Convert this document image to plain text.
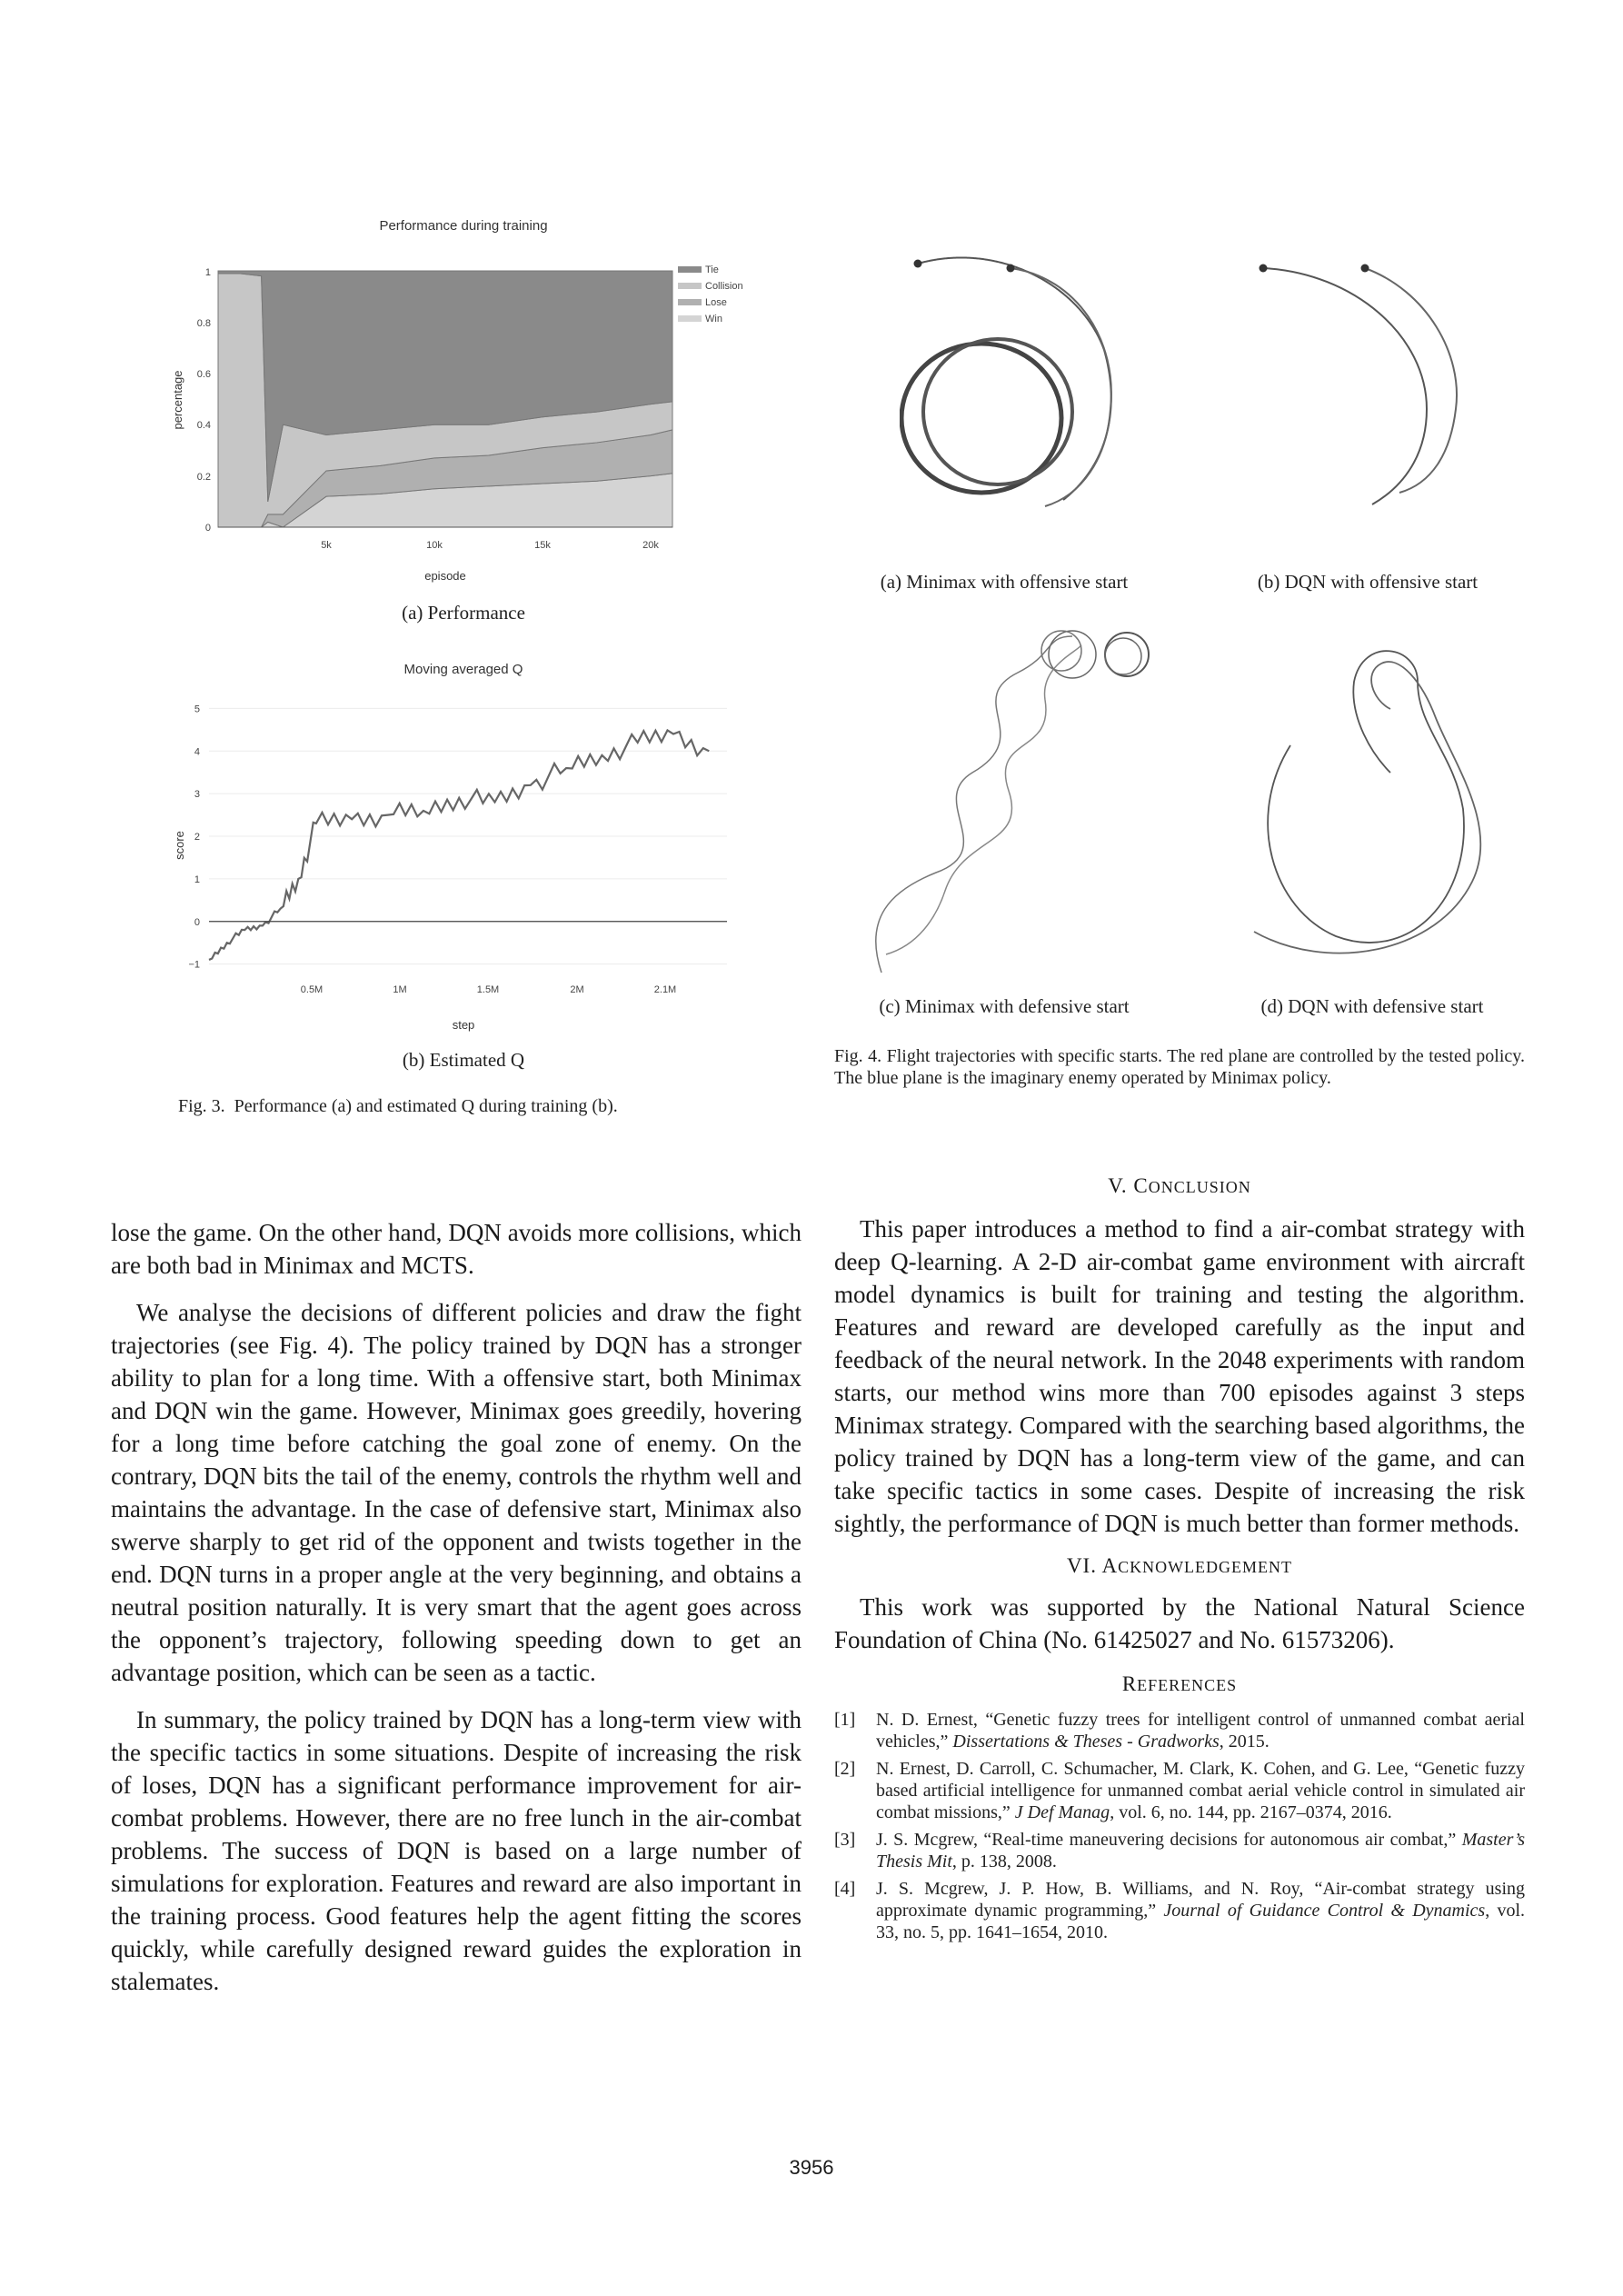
Performance during training
0
0.2
0.4
0.6
0.8
1
5k	10k	15k	20k
episode
percentage
Tie
Collision
Lose
Win
(a) Performance
Moving averaged Q
−1
0
1
2
3
4
5
0.5M	1M	1.5M	2M	2.1M
step
score
(b) Estimated Q
Fig. 3.  Performance (a) and estimated Q during training (b).
(a) Minimax with offensive start	(b) DQN with offensive start
(c) Minimax with defensive start	(d) DQN with defensive start
Fig. 4. Flight trajectories with specific starts. The red plane are controlled by the tested policy. The blue plane is the imaginary enemy operated by Minimax policy.

lose the game. On the other hand, DQN avoids more collisions, which are both bad in Minimax and MCTS.

We analyse the decisions of different policies and draw the fight trajectories (see Fig. 4). The policy trained by DQN has a stronger ability to plan for a long time. With a offensive start, both Minimax and DQN win the game. However, Minimax goes greedily, hovering for a long time before catching the goal zone of enemy. On the contrary, DQN bits the tail of the enemy, controls the rhythm well and maintains the advantage. In the case of defensive start, Minimax also swerve sharply to get rid of the opponent and twists together in the end. DQN turns in a proper angle at the very beginning, and obtains a neutral position naturally. It is very smart that the agent goes across the opponent’s trajectory, following speeding down to get an advantage position, which can be seen as a tactic.

In summary, the policy trained by DQN has a long-term view with the specific tactics in some situations. Despite of increasing the risk of loses, DQN has a significant performance improvement for air-combat problems. However, there are no free lunch in the air-combat problems. The success of DQN is based on a large number of simulations for exploration. Features and reward are also important in the training process. Good features help the agent fitting the scores quickly, while carefully designed reward guides the exploration in stalemates.

V. CONCLUSION

This paper introduces a method to find a air-combat strategy with deep Q-learning. A 2-D air-combat game environment with aircraft model dynamics is built for training and testing the algorithm. Features and reward are developed carefully as the input and feedback of the neural network. In the 2048 experiments with random starts, our method wins more than 700 episodes against 3 steps Minimax strategy. Compared with the searching based algorithms, the policy trained by DQN has a long-term view of the game, and can take specific tactics in some cases. Despite of increasing the risk sightly, the performance of DQN is much better than former methods.

VI. ACKNOWLEDGEMENT

This work was supported by the National Natural Science Foundation of China (No. 61425027 and No. 61573206).

REFERENCES
[1] N. D. Ernest, “Genetic fuzzy trees for intelligent control of unmanned combat aerial vehicles,” Dissertations & Theses - Gradworks, 2015.
[2] N. Ernest, D. Carroll, C. Schumacher, M. Clark, K. Cohen, and G. Lee, “Genetic fuzzy based artificial intelligence for unmanned combat aerial vehicle control in simulated air combat missions,” J Def Manag, vol. 6, no. 144, pp. 2167–0374, 2016.
[3] J. S. Mcgrew, “Real-time maneuvering decisions for autonomous air combat,” Master’s Thesis Mit, p. 138, 2008.
[4] J. S. Mcgrew, J. P. How, B. Williams, and N. Roy, “Air-combat strategy using approximate dynamic programming,” Journal of Guidance Control & Dynamics, vol. 33, no. 5, pp. 1641–1654, 2010.
3956
